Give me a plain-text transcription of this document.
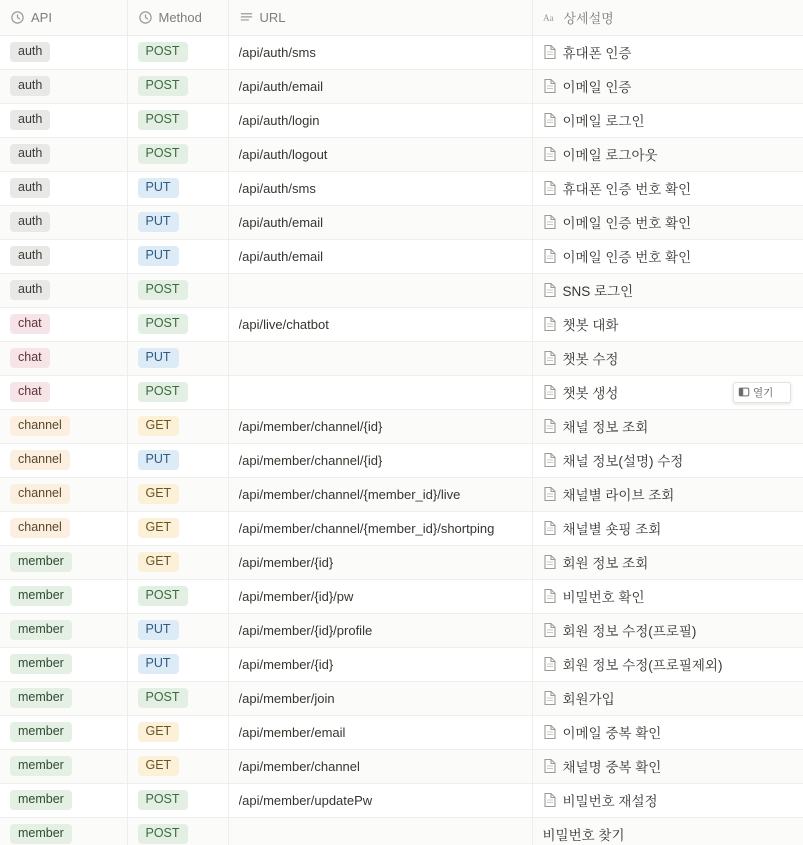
API	Method	URL	Aa 상세설명

auth	POST	/api/auth/sms	휴대폰 인증

auth	POST	/api/auth/email	이메일 인증

auth	POST	/api/auth/login	이메일 로그인

auth	POST	/api/auth/logout	이메일 로그아웃

auth	PUT	/api/auth/sms	휴대폰 인증 번호 확인

auth	PUT	/api/auth/email	이메일 인증 번호 확인

auth	PUT	/api/auth/email	이메일 인증 번호 확인

auth	POST		SNS 로그인

chat	POST	/api/live/chatbot	챗봇 대화

chat	PUT		챗봇 수정

chat	POST		챗봇 생성

channel	GET	/api/member/channel/{id}	채널 정보 조회

channel	PUT	/api/member/channel/{id}	채널 정보(설명) 수정

channel	GET	/api/member/channel/{member_id}/live	채널별 라이브 조회

channel	GET	/api/member/channel/{member_id}/shortping	채널별 숏핑 조회

member	GET	/api/member/{id}	회원 정보 조회

member	POST	/api/member/{id}/pw	비밀번호 확인

member	PUT	/api/member/{id}/profile	회원 정보 수정(프로필)

member	PUT	/api/member/{id}	회원 정보 수정(프로필제외)

member	POST	/api/member/join	회원가입

member	GET	/api/member/email	이메일 중복 확인

member	GET	/api/member/channel	채널명 중복 확인

member	POST	/api/member/updatePw	비밀번호 재설정

member	POST		비밀번호 찾기
열기
